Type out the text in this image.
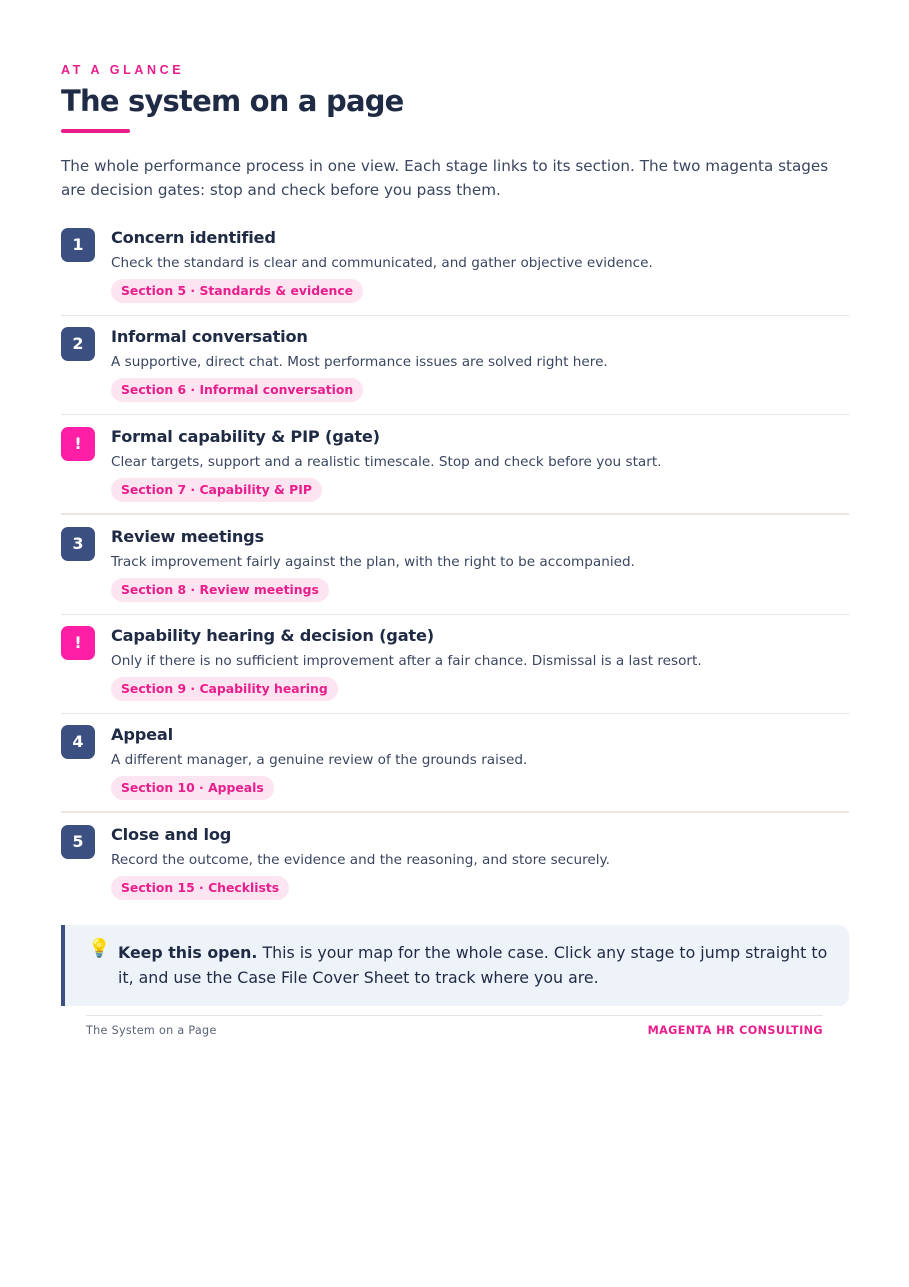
AT A GLANCE
The system on a page

The whole performance process in one view. Each stage links to its section. The two magenta stages are decision gates: stop and check before you pass them.

1	Concern identified
Check the standard is clear and communicated, and gather objective evidence.
Section 5 · Standards & evidence
2	Informal conversation
A supportive, direct chat. Most performance issues are solved right here.
Section 6 · Informal conversation
!	Formal capability & PIP (gate)
Clear targets, support and a realistic timescale. Stop and check before you start.
Section 7 · Capability & PIP
3	Review meetings
Track improvement fairly against the plan, with the right to be accompanied.
Section 8 · Review meetings
!	Capability hearing & decision (gate)
Only if there is no sufficient improvement after a fair chance. Dismissal is a last resort.
Section 9 · Capability hearing
4	Appeal
A different manager, a genuine review of the grounds raised.
Section 10 · Appeals
5	Close and log
Record the outcome, the evidence and the reasoning, and store securely.
Section 15 · Checklists
💡 Keep this open. This is your map for the whole case. Click any stage to jump straight to it, and use the Case File Cover Sheet to track where you are.

The System on a Page	MAGENTA HR CONSULTING
